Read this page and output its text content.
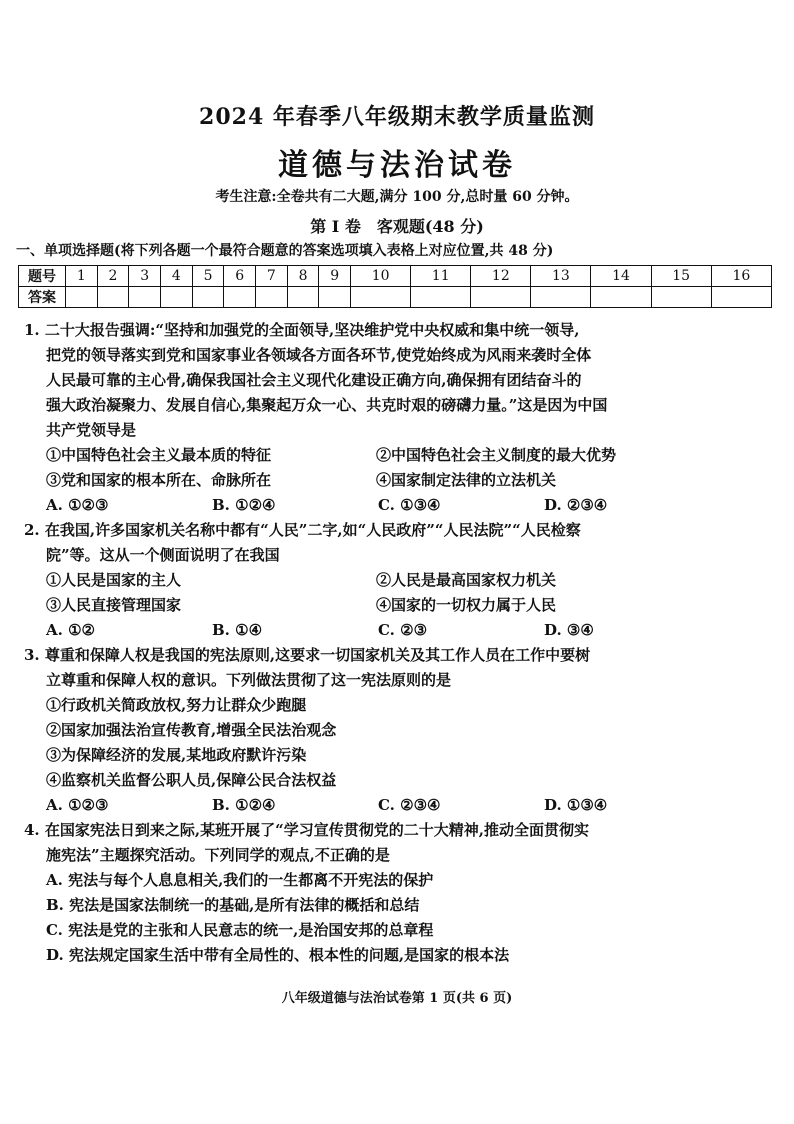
2024 年春季八年级期末教学质量监测
道德与法治试卷
考生注意:全卷共有二大题,满分 100 分,总时量 60 分钟。
第 I 卷　客观题(48 分)
一、单项选择题(将下列各题一个最符合题意的答案选项填入表格上对应位置,共 48 分)
题号	1	2	3	4	5	6	7	8	9	10	11	12	13	14	15	16
答案																
1. 二十大报告强调:“坚持和加强党的全面领导,坚决维护党中央权威和集中统一领导,
把党的领导落实到党和国家事业各领域各方面各环节,使党始终成为风雨来袭时全体
人民最可靠的主心骨,确保我国社会主义现代化建设正确方向,确保拥有团结奋斗的
强大政治凝聚力、发展自信心,集聚起万众一心、共克时艰的磅礴力量。”这是因为中国
共产党领导是
①中国特色社会主义最本质的特征	②中国特色社会主义制度的最大优势
③党和国家的根本所在、命脉所在	④国家制定法律的立法机关
A. ①②③	B. ①②④	C. ①③④	D. ②③④
2. 在我国,许多国家机关名称中都有“人民”二字,如“人民政府”“人民法院”“人民检察
院”等。这从一个侧面说明了在我国
①人民是国家的主人	②人民是最高国家权力机关
③人民直接管理国家	④国家的一切权力属于人民
A. ①②	B. ①④	C. ②③	D. ③④
3. 尊重和保障人权是我国的宪法原则,这要求一切国家机关及其工作人员在工作中要树
立尊重和保障人权的意识。下列做法贯彻了这一宪法原则的是
①行政机关简政放权,努力让群众少跑腿
②国家加强法治宣传教育,增强全民法治观念
③为保障经济的发展,某地政府默许污染
④监察机关监督公职人员,保障公民合法权益
A. ①②③	B. ①②④	C. ②③④	D. ①③④
4. 在国家宪法日到来之际,某班开展了“学习宣传贯彻党的二十大精神,推动全面贯彻实
施宪法”主题探究活动。下列同学的观点,不正确的是
A. 宪法与每个人息息相关,我们的一生都离不开宪法的保护
B. 宪法是国家法制统一的基础,是所有法律的概括和总结
C. 宪法是党的主张和人民意志的统一,是治国安邦的总章程
D. 宪法规定国家生活中带有全局性的、根本性的问题,是国家的根本法
八年级道德与法治试卷第 1 页(共 6 页)
